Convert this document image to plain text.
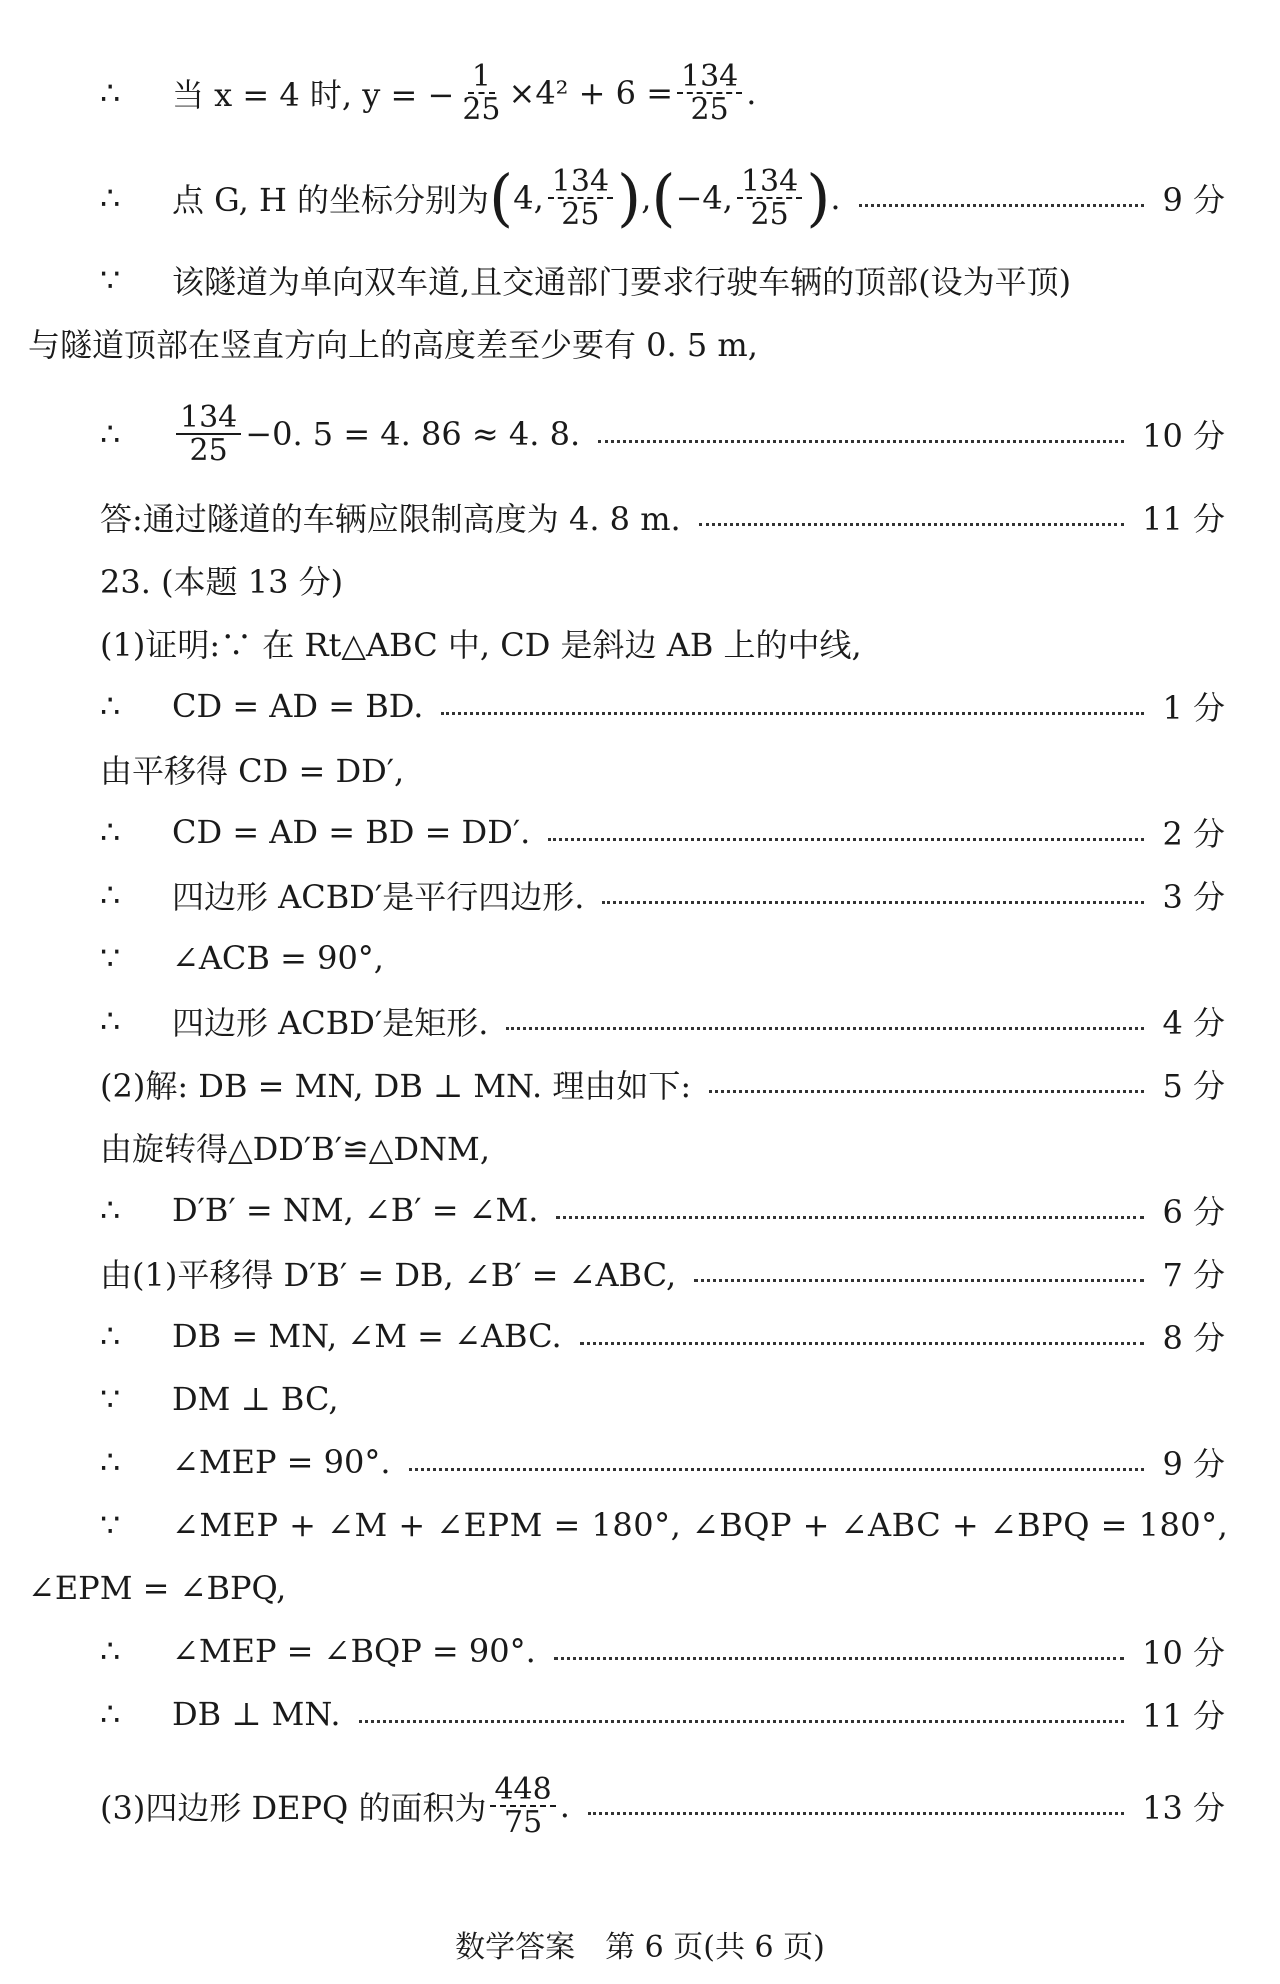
∴	当 x = 4 时, y = − $\frac{1}{25} \times 4^2 + 6 = \frac{134}{25}$ .
∴	点 G, H 的坐标分别为 ( 4, $\frac{134}{25}$ ) , ( −4, $\frac{134}{25}$ ) .	9 分
∵	该隧道为单向双车道,且交通部门要求行驶车辆的顶部(设为平顶)
与隧道顶部在竖直方向上的高度差至少要有 0. 5 m,
∴	$\frac{134}{25} -0$. 5 = 4. 86 ≈ 4. 8.	10 分
答:通过隧道的车辆应限制高度为 4. 8 m.	11 分
23. (本题 13 分)
(1)证明:∵ 在 Rt△ABC 中, CD 是斜边 AB 上的中线,
∴	CD = AD = BD.	1 分
由平移得 CD = DD′,
∴	CD = AD = BD = DD′.	2 分
∴	四边形 ACBD′是平行四边形.	3 分
∵	∠ACB = 90°,
∴	四边形 ACBD′是矩形.	4 分
(2)解: DB = MN, DB ⊥ MN. 理由如下:	5 分
由旋转得△DD′B′≌△DNM,
∴	D′B′ = NM, ∠B′ = ∠M.	6 分
由(1)平移得 D′B′ = DB, ∠B′ = ∠ABC,	7 分
∴	DB = MN, ∠M = ∠ABC.	8 分
∵	DM ⊥ BC,
∴	∠MEP = 90°.	9 分
∵	∠MEP + ∠M + ∠EPM = 180°, ∠BQP + ∠ABC + ∠BPQ = 180°,
∠EPM = ∠BPQ,
∴	∠MEP = ∠BQP = 90°.	10 分
∴	DB ⊥ MN.	11 分
(3)四边形 DEPQ 的面积为 $\frac{448}{75}$ .	13 分
数学答案　第 6 页(共 6 页)
